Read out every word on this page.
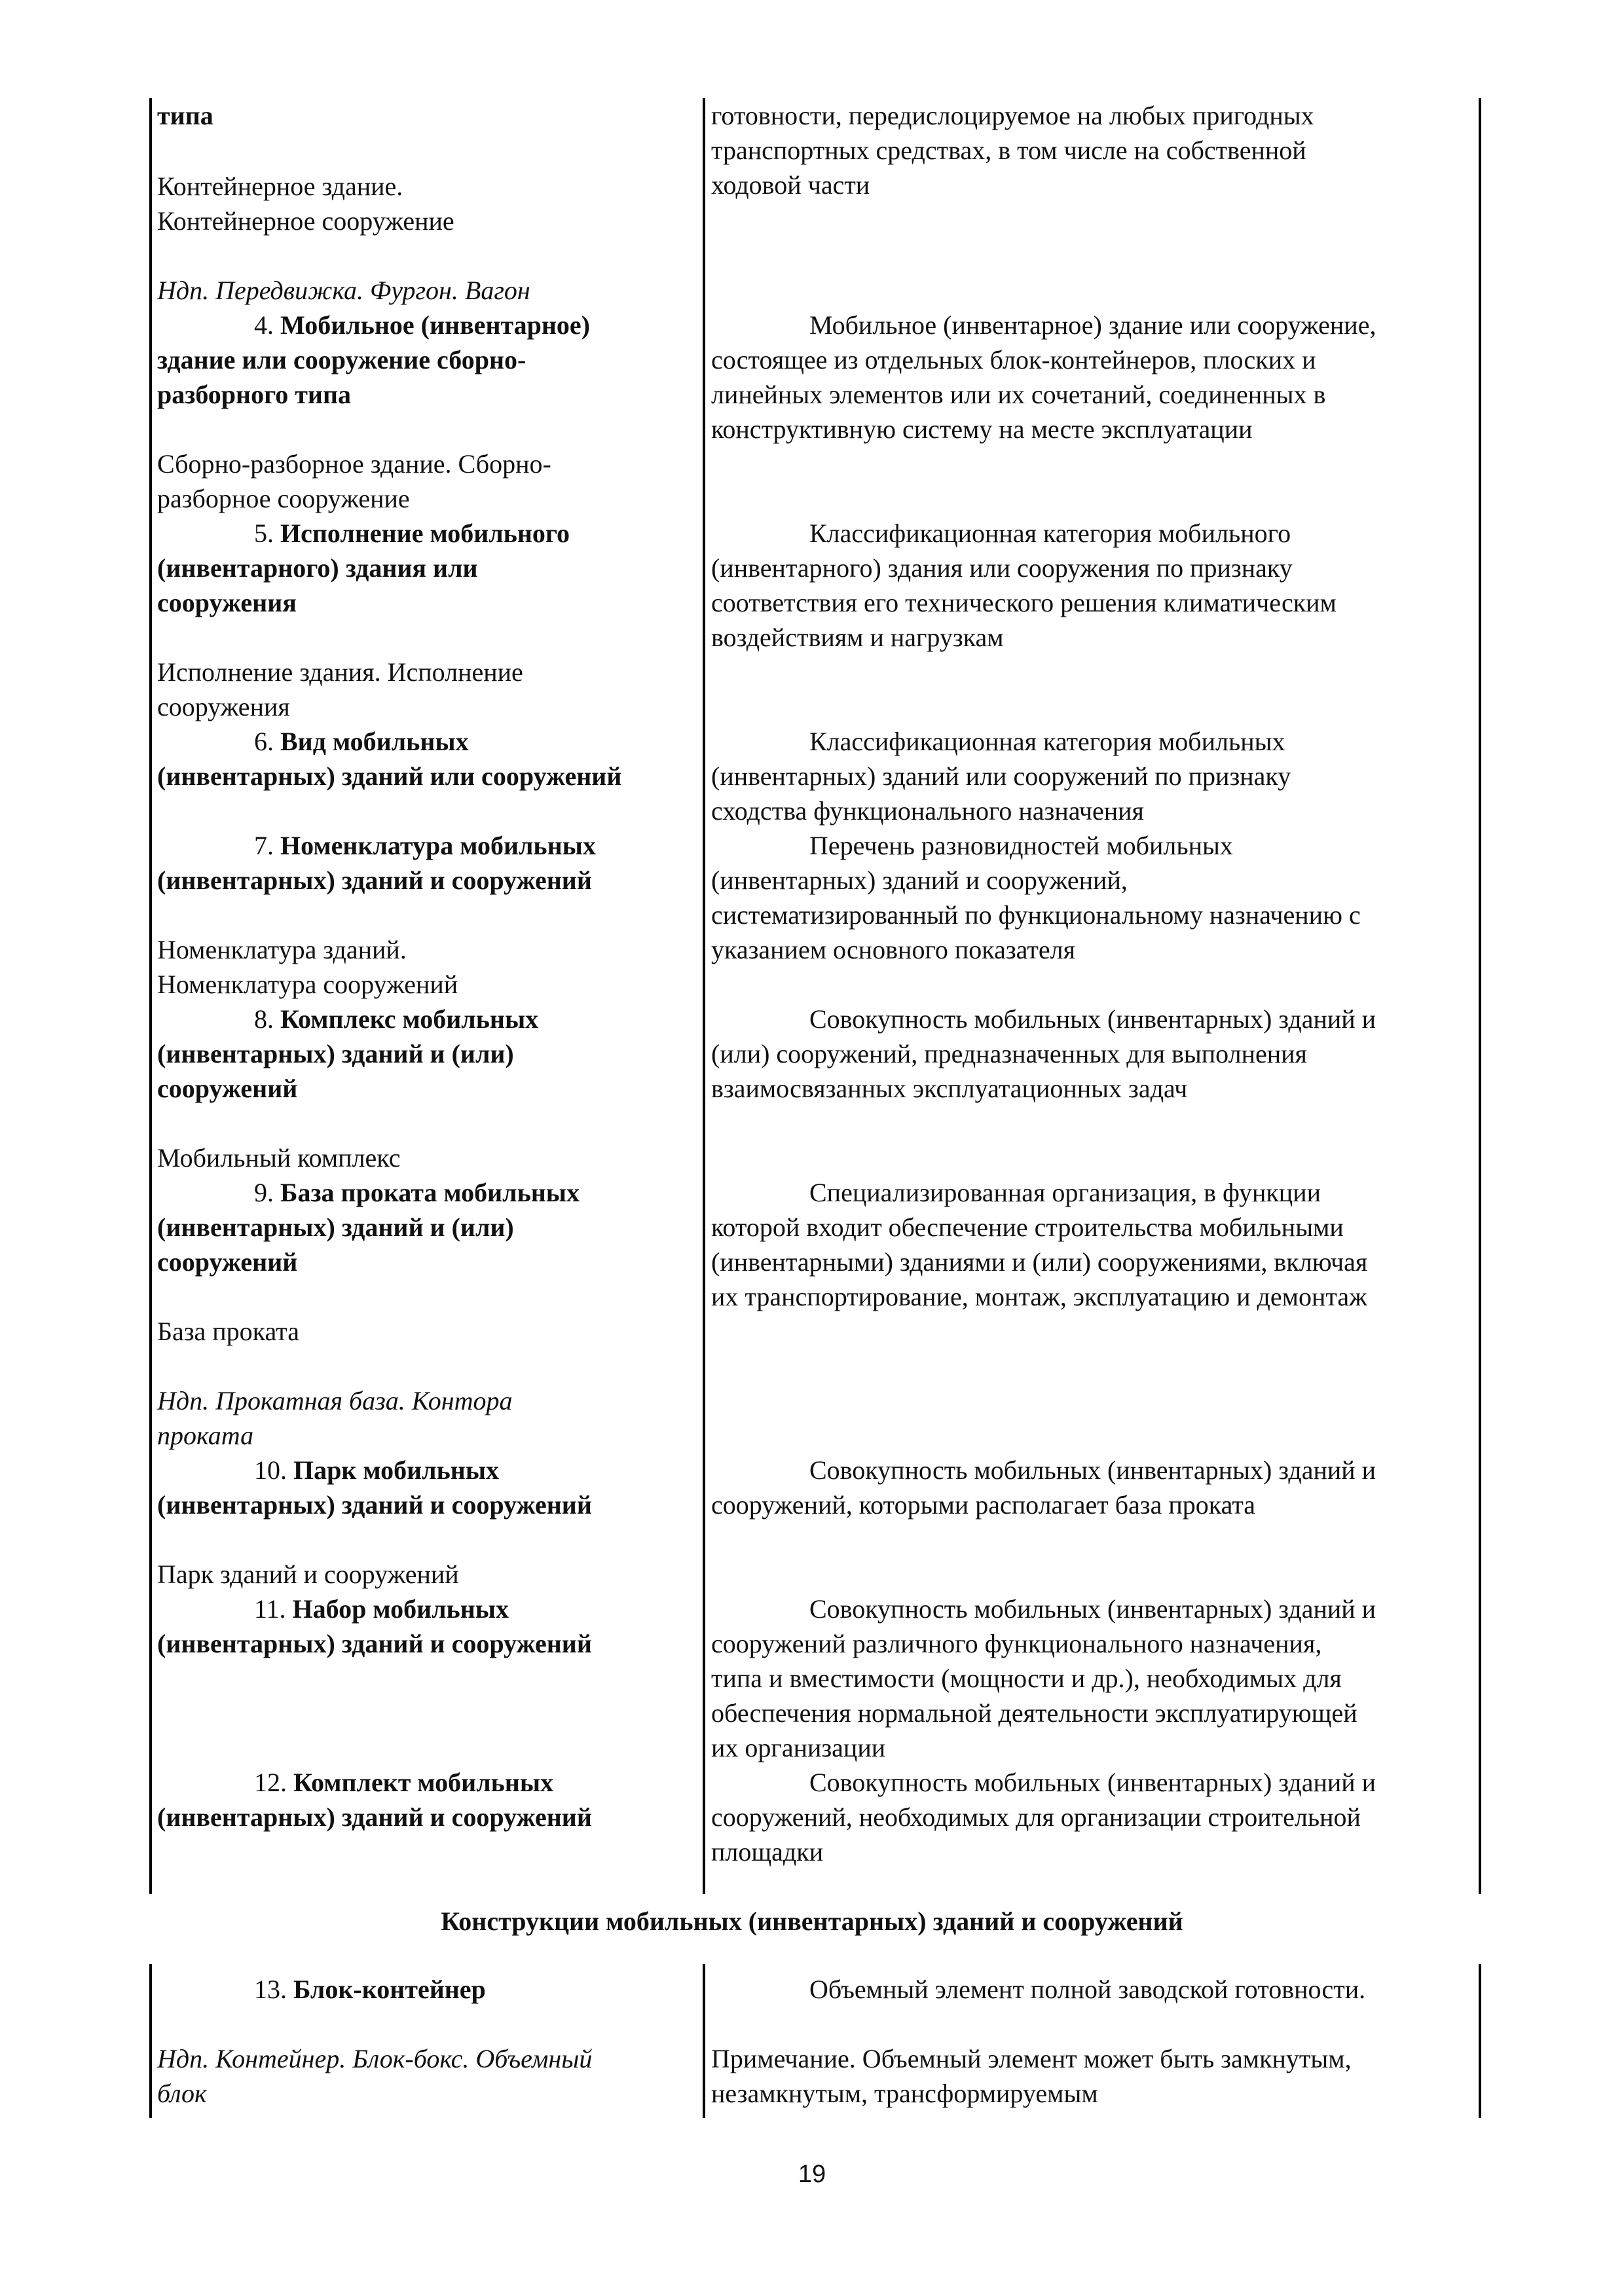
типа
Контейнерное здание.
Контейнерное сооружение
Ндп. Передвижка. Фургон. Вагон
4. Мобильное (инвентарное)
здание или сооружение сборно-
разборного типа
Сборно-разборное здание. Сборно-
разборное сооружение
5. Исполнение мобильного
(инвентарного) здания или
сооружения
Исполнение здания. Исполнение
сооружения
6. Вид мобильных
(инвентарных) зданий или сооружений
7. Номенклатура мобильных
(инвентарных) зданий и сооружений
Номенклатура зданий.
Номенклатура сооружений
8. Комплекс мобильных
(инвентарных) зданий и (или)
сооружений
Мобильный комплекс
9. База проката мобильных
(инвентарных) зданий и (или)
сооружений
База проката
Ндп. Прокатная база. Контора
проката
10. Парк мобильных
(инвентарных) зданий и сооружений
Парк зданий и сооружений
11. Набор мобильных
(инвентарных) зданий и сооружений
12. Комплект мобильных
(инвентарных) зданий и сооружений
Конструкции мобильных (инвентарных) зданий и сооружений
13. Блок-контейнер
Ндп. Контейнер. Блок-бокс. Объемный
блок
готовности, передислоцируемое на любых пригодных
транспортных средствах, в том числе на собственной
ходовой части
Мобильное (инвентарное) здание или сооружение,
состоящее из отдельных блок-контейнеров, плоских и
линейных элементов или их сочетаний, соединенных в
конструктивную систему на месте эксплуатации
Классификационная категория мобильного
(инвентарного) здания или сооружения по признаку
соответствия его технического решения климатическим
воздействиям и нагрузкам
Классификационная категория мобильных
(инвентарных) зданий или сооружений по признаку
сходства функционального назначения
Перечень разновидностей мобильных
(инвентарных) зданий и сооружений,
систематизированный по функциональному назначению с
указанием основного показателя
Совокупность мобильных (инвентарных) зданий и
(или) сооружений, предназначенных для выполнения
взаимосвязанных эксплуатационных задач
Специализированная организация, в функции
которой входит обеспечение строительства мобильными
(инвентарными) зданиями и (или) сооружениями, включая
их транспортирование, монтаж, эксплуатацию и демонтаж
Совокупность мобильных (инвентарных) зданий и
сооружений, которыми располагает база проката
Совокупность мобильных (инвентарных) зданий и
сооружений различного функционального назначения,
типа и вместимости (мощности и др.), необходимых для
обеспечения нормальной деятельности эксплуатирующей
их организации
Совокупность мобильных (инвентарных) зданий и
сооружений, необходимых для организации строительной
площадки
Объемный элемент полной заводской готовности.
Примечание. Объемный элемент может быть замкнутым,
незамкнутым, трансформируемым
19
